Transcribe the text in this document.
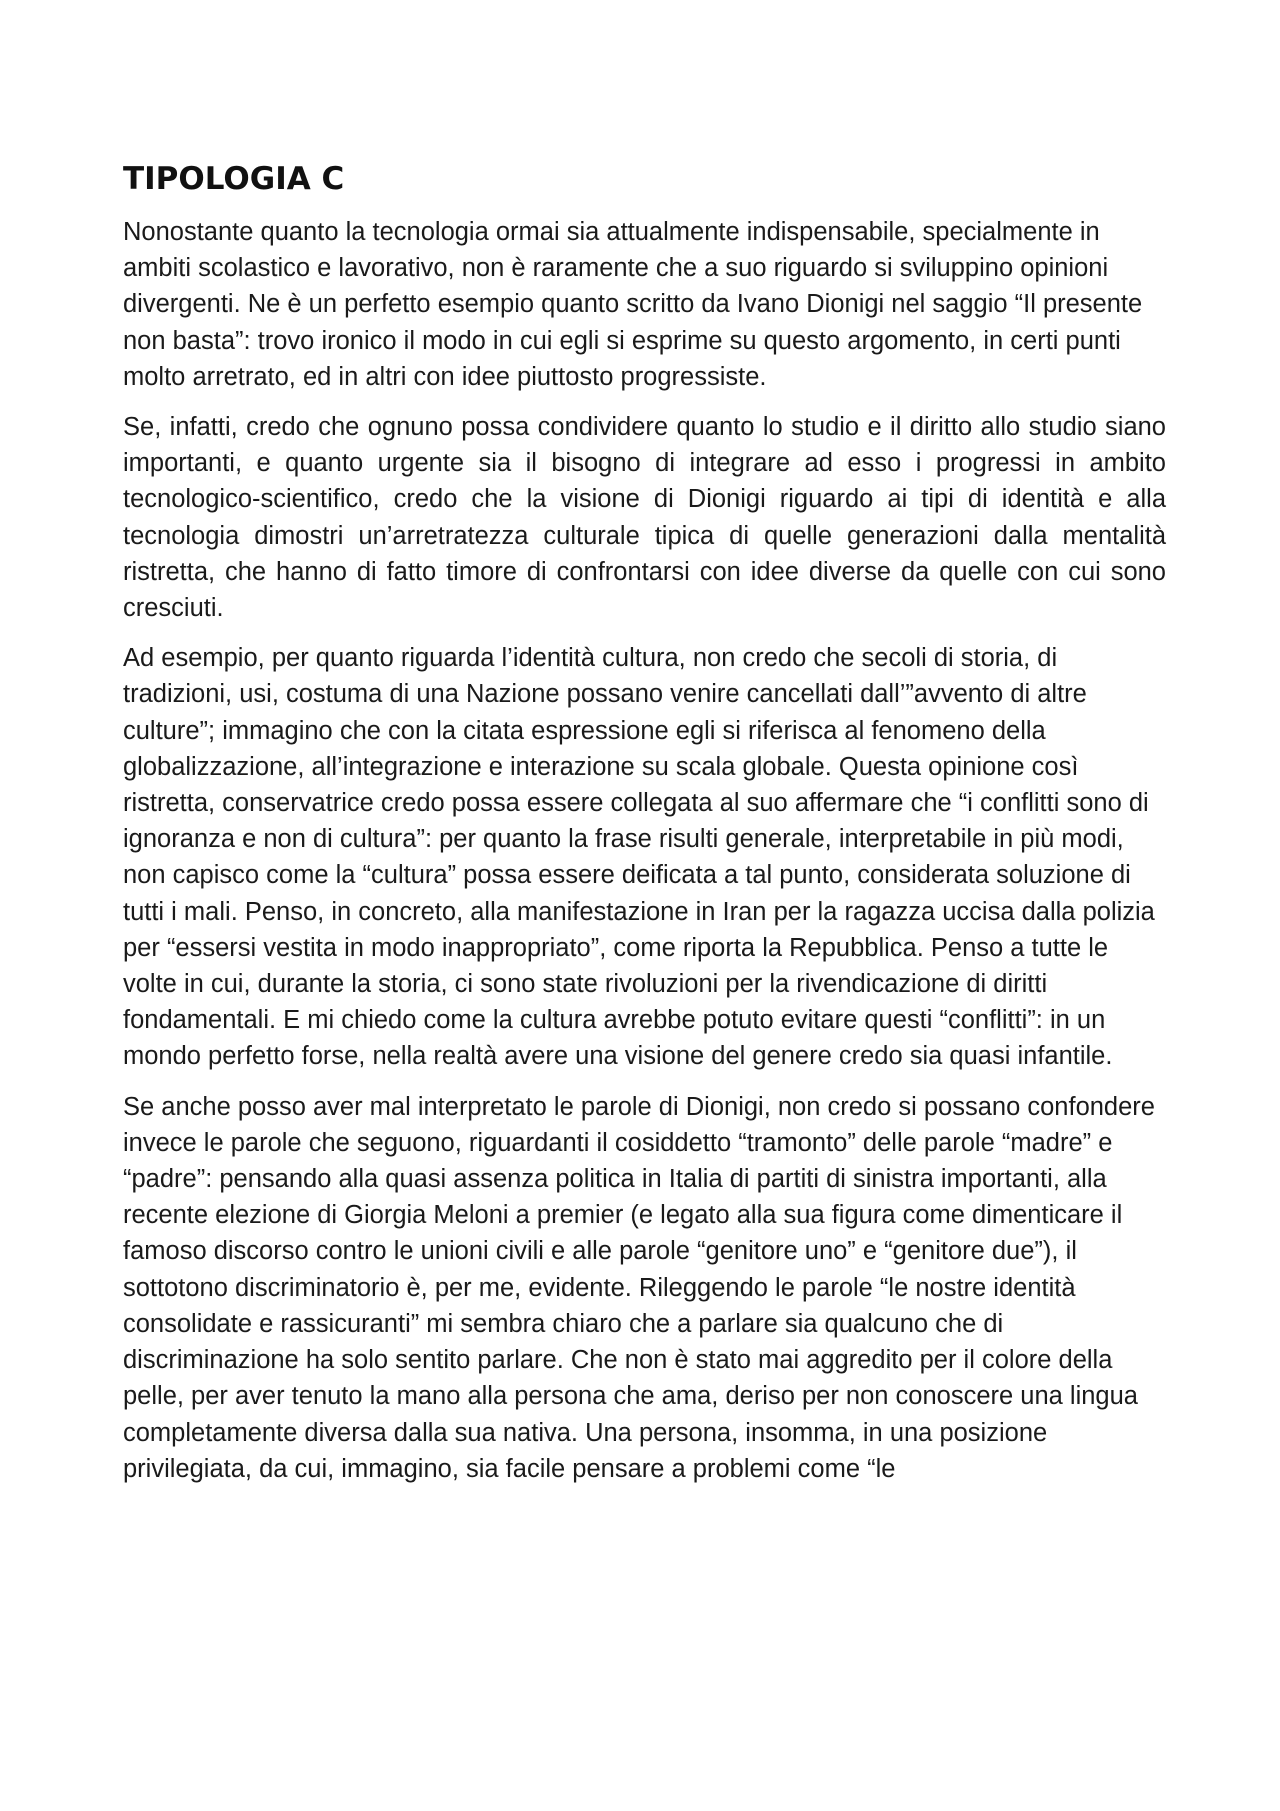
TIPOLOGIA C

Nonostante quanto la tecnologia ormai sia attualmente indispensabile, specialmente in ambiti scolastico e lavorativo, non è raramente che a suo riguardo si sviluppino opinioni divergenti. Ne è un perfetto esempio quanto scritto da Ivano Dionigi nel saggio “Il presente non basta”: trovo ironico il modo in cui egli si esprime su questo argomento, in certi punti molto arretrato, ed in altri con idee piuttosto progressiste.

Se, infatti, credo che ognuno possa condividere quanto lo studio e il diritto allo studio siano importanti, e quanto urgente sia il bisogno di integrare ad esso i progressi in ambito tecnologico-scientifico, credo che la visione di Dionigi riguardo ai tipi di identità e alla tecnologia dimostri un’arretratezza culturale tipica di quelle generazioni dalla mentalità ristretta, che hanno di fatto timore di confrontarsi con idee diverse da quelle con cui sono cresciuti.

Ad esempio, per quanto riguarda l’identità cultura, non credo che secoli di storia, di tradizioni, usi, costuma di una Nazione possano venire cancellati dall’”avvento di altre culture”; immagino che con la citata espressione egli si riferisca al fenomeno della globalizzazione, all’integrazione e interazione su scala globale. Questa opinione così ristretta, conservatrice credo possa essere collegata al suo affermare che “i conflitti sono di ignoranza e non di cultura”: per quanto la frase risulti generale, interpretabile in più modi, non capisco come la “cultura” possa essere deificata a tal punto, considerata soluzione di tutti i mali. Penso, in concreto, alla manifestazione in Iran per la ragazza uccisa dalla polizia per “essersi vestita in modo inappropriato”, come riporta la Repubblica. Penso a tutte le volte in cui, durante la storia, ci sono state rivoluzioni per la rivendicazione di diritti fondamentali. E mi chiedo come la cultura avrebbe potuto evitare questi “conflitti”: in un mondo perfetto forse, nella realtà avere una visione del genere credo sia quasi infantile.

Se anche posso aver mal interpretato le parole di Dionigi, non credo si possano confondere invece le parole che seguono, riguardanti il cosiddetto “tramonto” delle parole “madre” e “padre”: pensando alla quasi assenza politica in Italia di partiti di sinistra importanti, alla recente elezione di Giorgia Meloni a premier (e legato alla sua figura come dimenticare il famoso discorso contro le unioni civili e alle parole “genitore uno” e “genitore due”), il sottotono discriminatorio è, per me, evidente. Rileggendo le parole “le nostre identità consolidate e rassicuranti” mi sembra chiaro che a parlare sia qualcuno che di discriminazione ha solo sentito parlare. Che non è stato mai aggredito per il colore della pelle, per aver tenuto la mano alla persona che ama, deriso per non conoscere una lingua completamente diversa dalla sua nativa. Una persona, insomma, in una posizione privilegiata, da cui, immagino, sia facile pensare a problemi come “le
